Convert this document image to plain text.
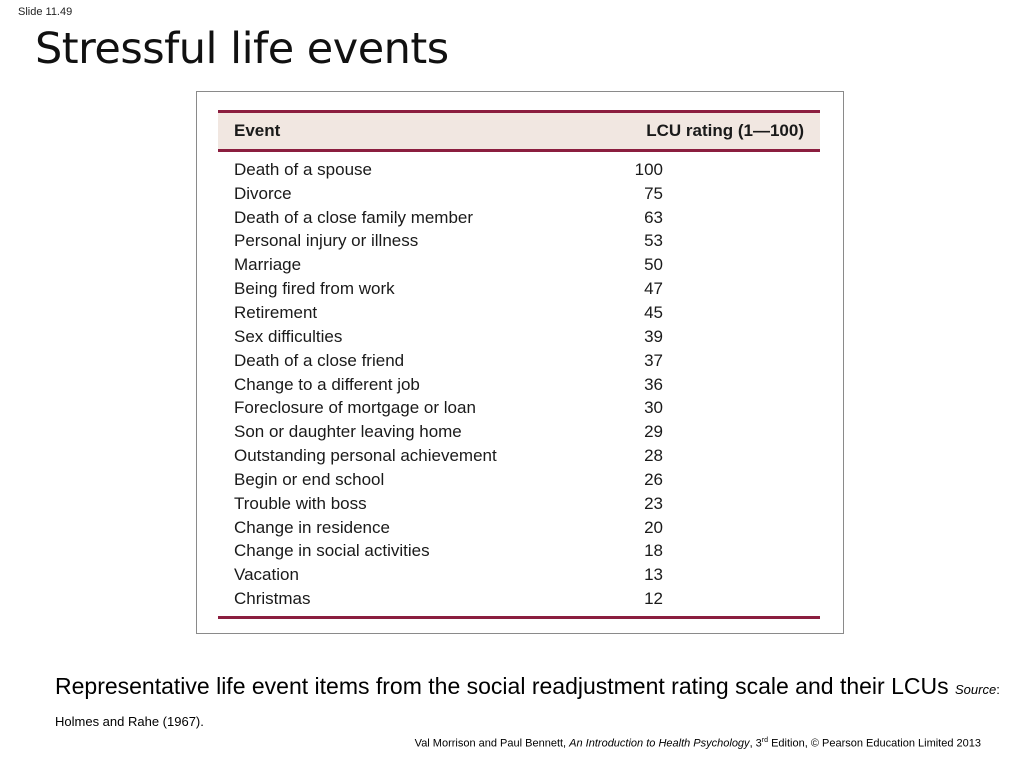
Slide 11.49
Stressful life events
Event	LCU rating (1—100)
Death of a spouse	100
Divorce	75
Death of a close family member	63
Personal injury or illness	53
Marriage	50
Being fired from work	47
Retirement	45
Sex difficulties	39
Death of a close friend	37
Change to a different job	36
Foreclosure of mortgage or loan	30
Son or daughter leaving home	29
Outstanding personal achievement	28
Begin or end school	26
Trouble with boss	23
Change in residence	20
Change in social activities	18
Vacation	13
Christmas	12
Representative life event items from the social readjustment rating scale and their LCUs Source: Holmes and Rahe (1967).
Val Morrison and Paul Bennett, An Introduction to Health Psychology, 3rd Edition, © Pearson Education Limited 2013
